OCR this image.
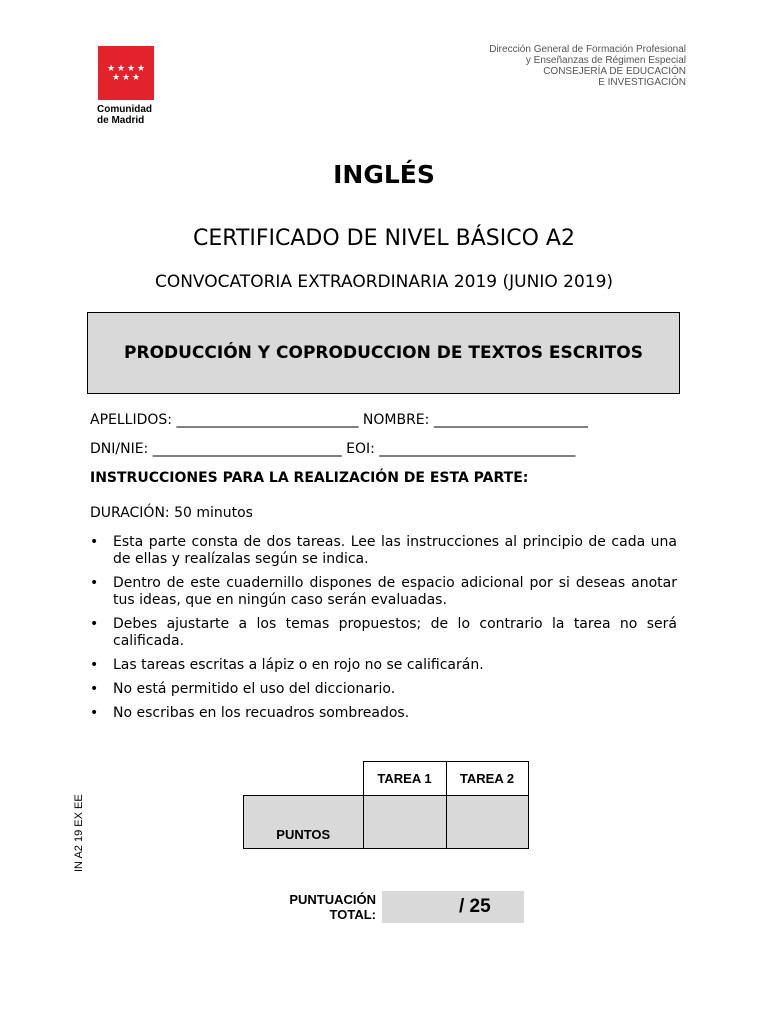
★ ★ ★ ★
★ ★ ★
Comunidad
de Madrid
Dirección General de Formación Profesional
y Enseñanzas de Régimen Especial
CONSEJERÍA DE EDUCACIÓN
E INVESTIGACIÓN
INGLÉS
CERTIFICADO DE NIVEL BÁSICO A2
CONVOCATORIA EXTRAORDINARIA 2019 (JUNIO 2019)
PRODUCCIÓN Y COPRODUCCION DE TEXTOS ESCRITOS
APELLIDOS: __________________________ NOMBRE: ______________________
DNI/NIE: ___________________________ EOI: ____________________________
INSTRUCCIONES PARA LA REALIZACIÓN DE ESTA PARTE:
DURACIÓN: 50 minutos
• Esta parte consta de dos tareas. Lee las instrucciones al principio de cada una de ellas y realízalas según se indica.
• Dentro de este cuadernillo dispones de espacio adicional por si deseas anotar tus ideas, que en ningún caso serán evaluadas.
• Debes ajustarte a los temas propuestos; de lo contrario la tarea no será calificada.
• Las tareas escritas a lápiz o en rojo no se calificarán.
• No está permitido el uso del diccionario.
• No escribas en los recuadros sombreados.
	TAREA 1	TAREA 2
PUNTOS		
IN A2 19 EX EE
PUNTUACIÓN
TOTAL:	/ 25
